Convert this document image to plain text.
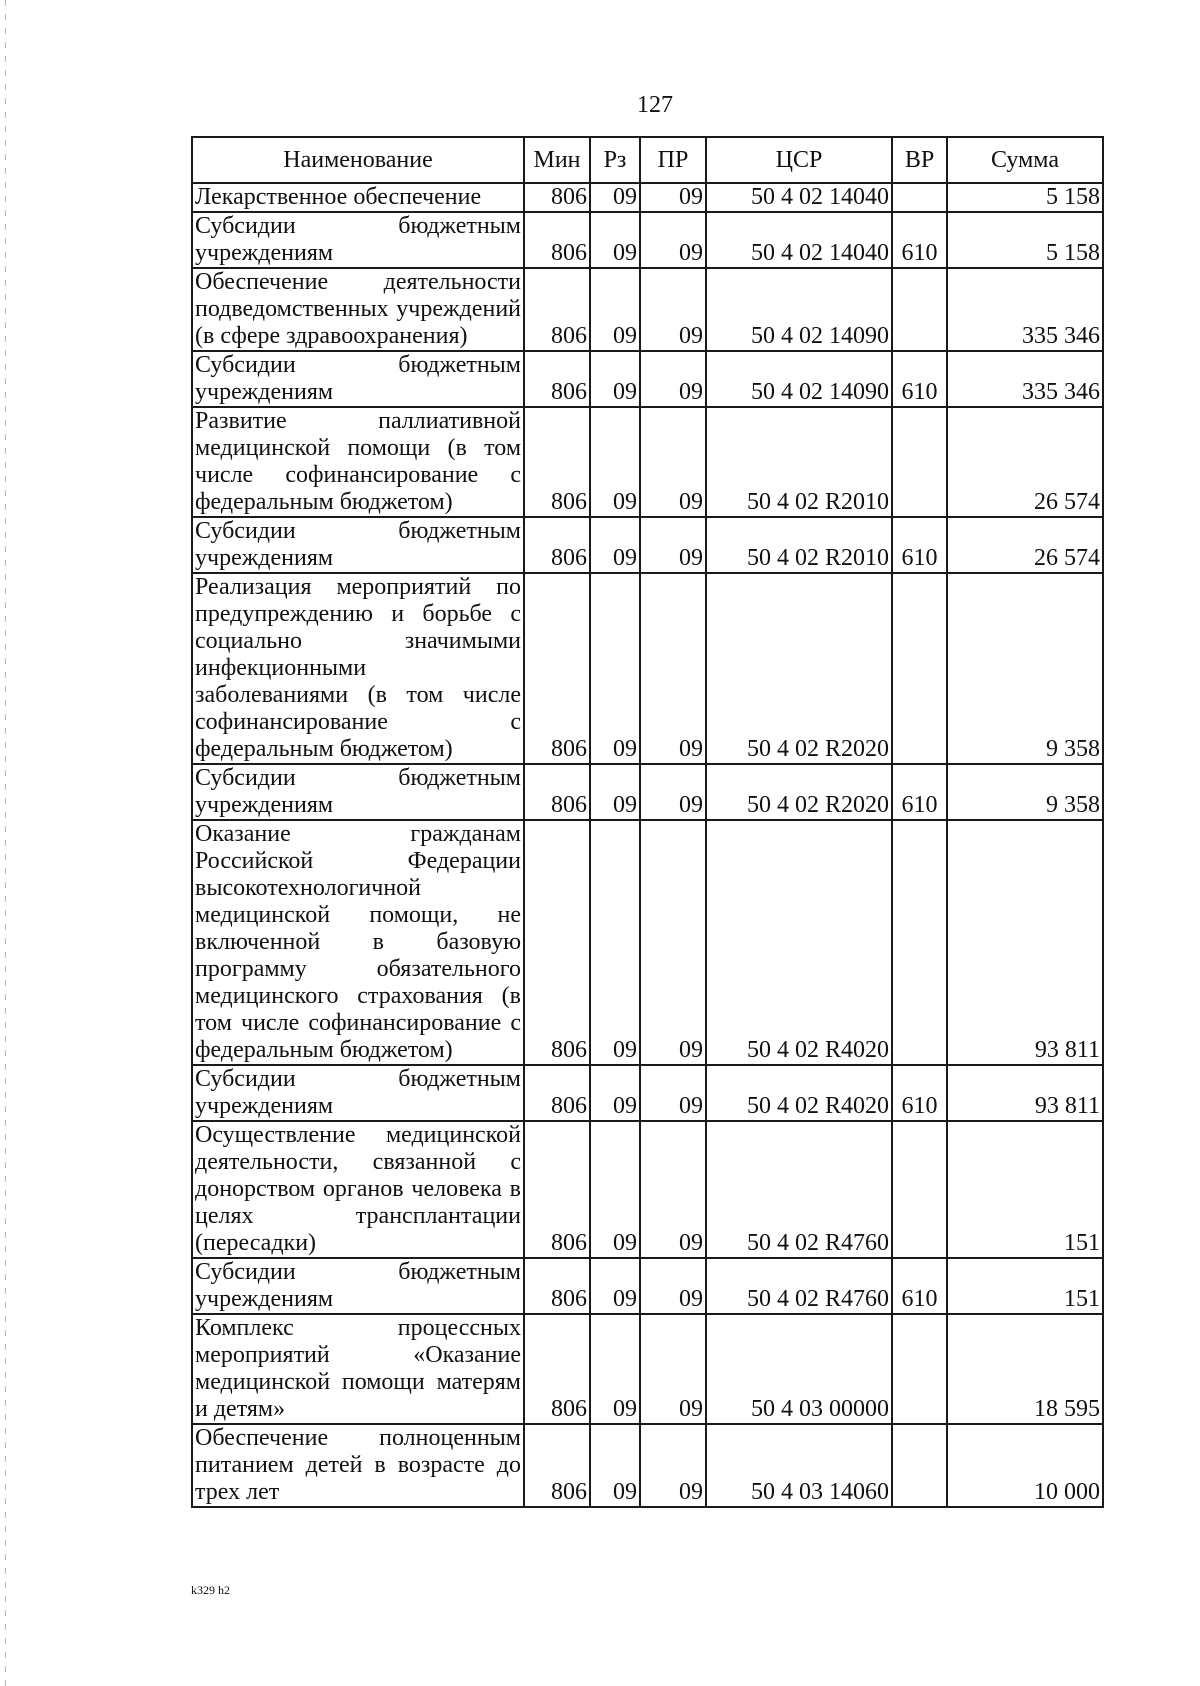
127
Наименование	Мин	Рз	ПР	ЦСР	ВР	Сумма
Лекарственное обеспечение	806	09	09	50 4 02 14040		5 158
Субсидии бюджетным учреждениям	806	09	09	50 4 02 14040	610	5 158
Обеспечение деятельности подведомственных учреждений (в сфере здравоохранения)	806	09	09	50 4 02 14090		335 346
Субсидии бюджетным учреждениям	806	09	09	50 4 02 14090	610	335 346
Развитие паллиативной медицинской помощи (в том числе софинансирование с федеральным бюджетом)	806	09	09	50 4 02 R2010		26 574
Субсидии бюджетным учреждениям	806	09	09	50 4 02 R2010	610	26 574
Реализация мероприятий по предупреждению и борьбе с социально значимыми инфекционными заболеваниями (в том числе софинансирование с федеральным бюджетом)	806	09	09	50 4 02 R2020		9 358
Субсидии бюджетным учреждениям	806	09	09	50 4 02 R2020	610	9 358
Оказание гражданам Российской Федерации высокотехнологичной медицинской помощи, не включенной в базовую программу обязательного медицинского страхования (в том числе софинансирование с федеральным бюджетом)	806	09	09	50 4 02 R4020		93 811
Субсидии бюджетным учреждениям	806	09	09	50 4 02 R4020	610	93 811
Осуществление медицинской деятельности, связанной с донорством органов человека в целях трансплантации (пересадки)	806	09	09	50 4 02 R4760		151
Субсидии бюджетным учреждениям	806	09	09	50 4 02 R4760	610	151
Комплекс процессных мероприятий «Оказание медицинской помощи матерям и детям»	806	09	09	50 4 03 00000		18 595
Обеспечение полноценным питанием детей в возрасте до трех лет	806	09	09	50 4 03 14060		10 000
k329 h2
